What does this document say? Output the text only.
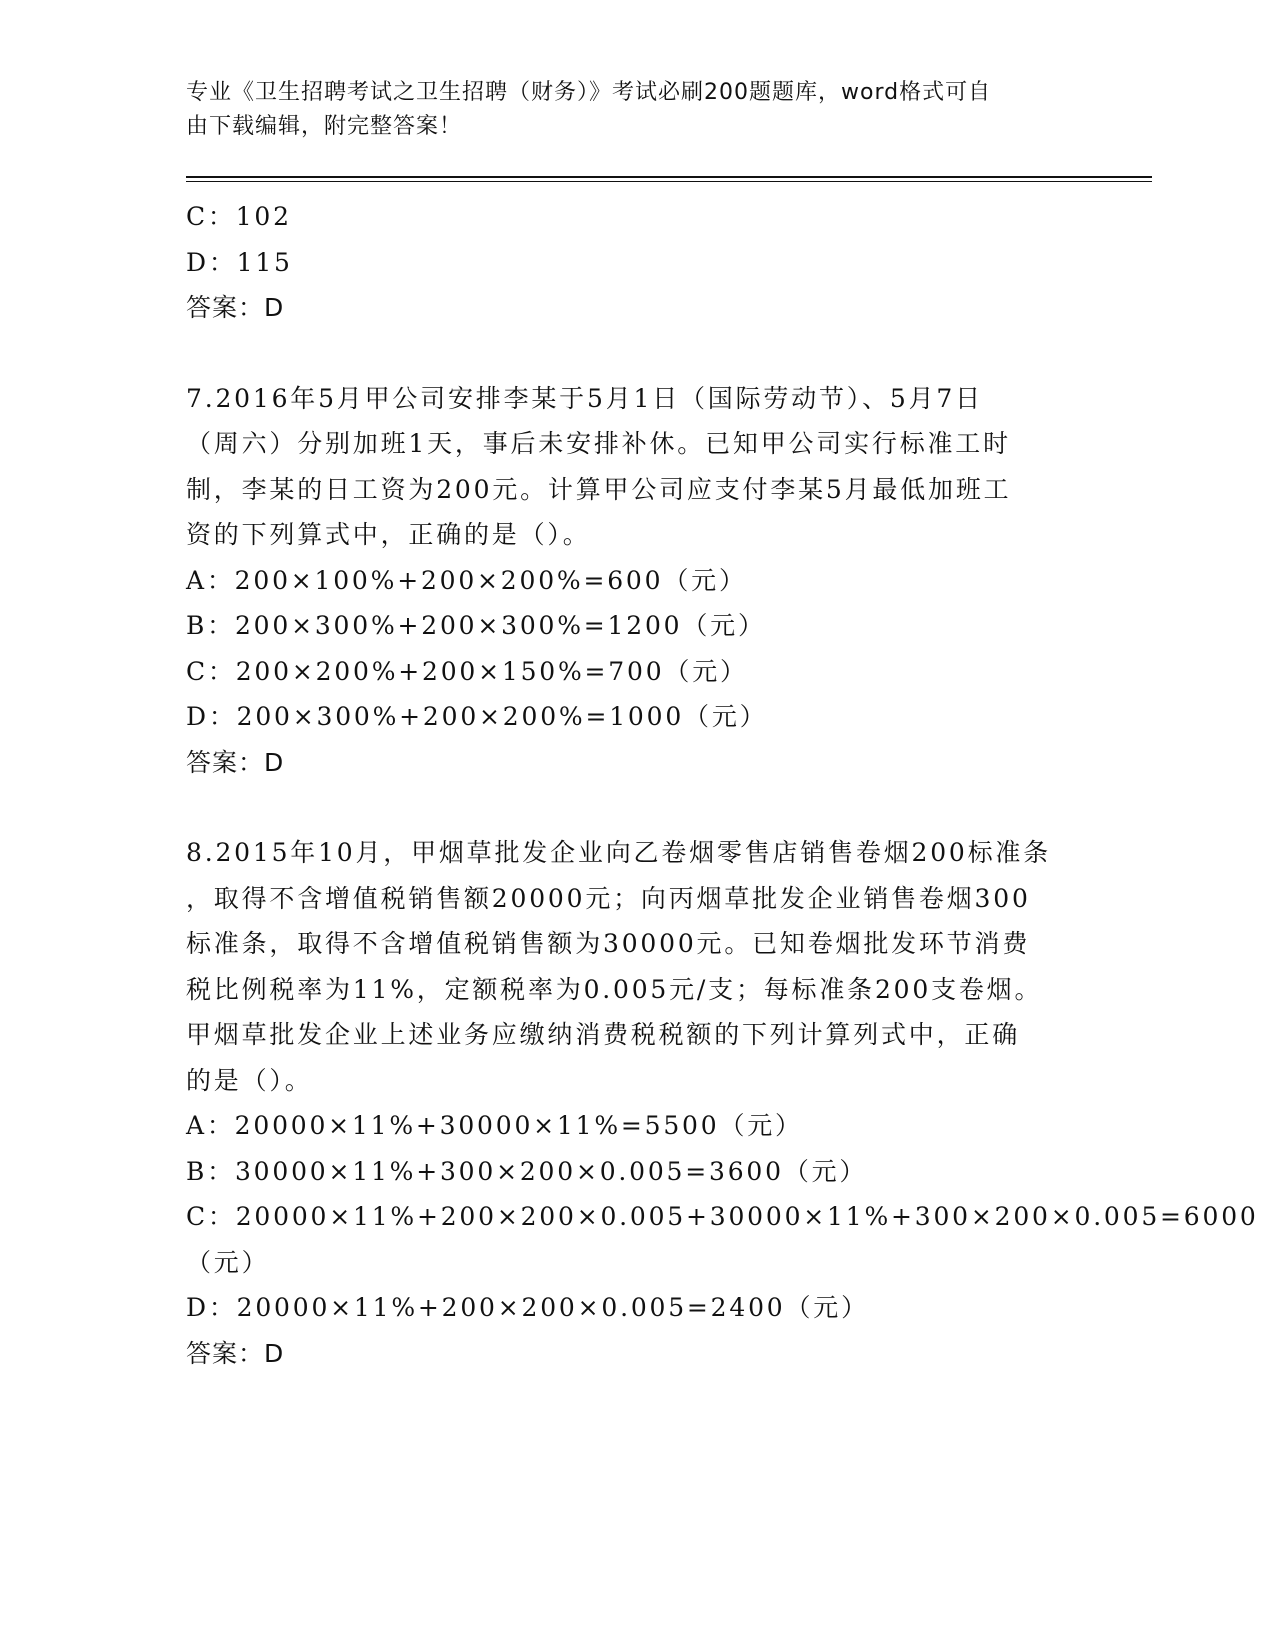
专业《卫生招聘考试之卫生招聘（财务）》考试必刷200题题库，word格式可自
由下载编辑，附完整答案！
C：102
D：115
答案：D
7.2016年5月甲公司安排李某于5月1日（国际劳动节）、5月7日
（周六）分别加班1天，事后未安排补休。已知甲公司实行标准工时
制，李某的日工资为200元。计算甲公司应支付李某5月最低加班工
资的下列算式中，正确的是（）。
A：200×100%+200×200%=600（元）
B：200×300%+200×300%=1200（元）
C：200×200%+200×150%=700（元）
D：200×300%+200×200%=1000（元）
答案：D
8.2015年10月，甲烟草批发企业向乙卷烟零售店销售卷烟200标准条
，取得不含增值税销售额20000元；向丙烟草批发企业销售卷烟300
标准条，取得不含增值税销售额为30000元。已知卷烟批发环节消费
税比例税率为11%，定额税率为0.005元/支；每标准条200支卷烟。
甲烟草批发企业上述业务应缴纳消费税税额的下列计算列式中，正确
的是（）。
A：20000×11%+30000×11%=5500（元）
B：30000×11%+300×200×0.005=3600（元）
C：20000×11%+200×200×0.005+30000×11%+300×200×0.005=6000
（元）
D：20000×11%+200×200×0.005=2400（元）
答案：D
